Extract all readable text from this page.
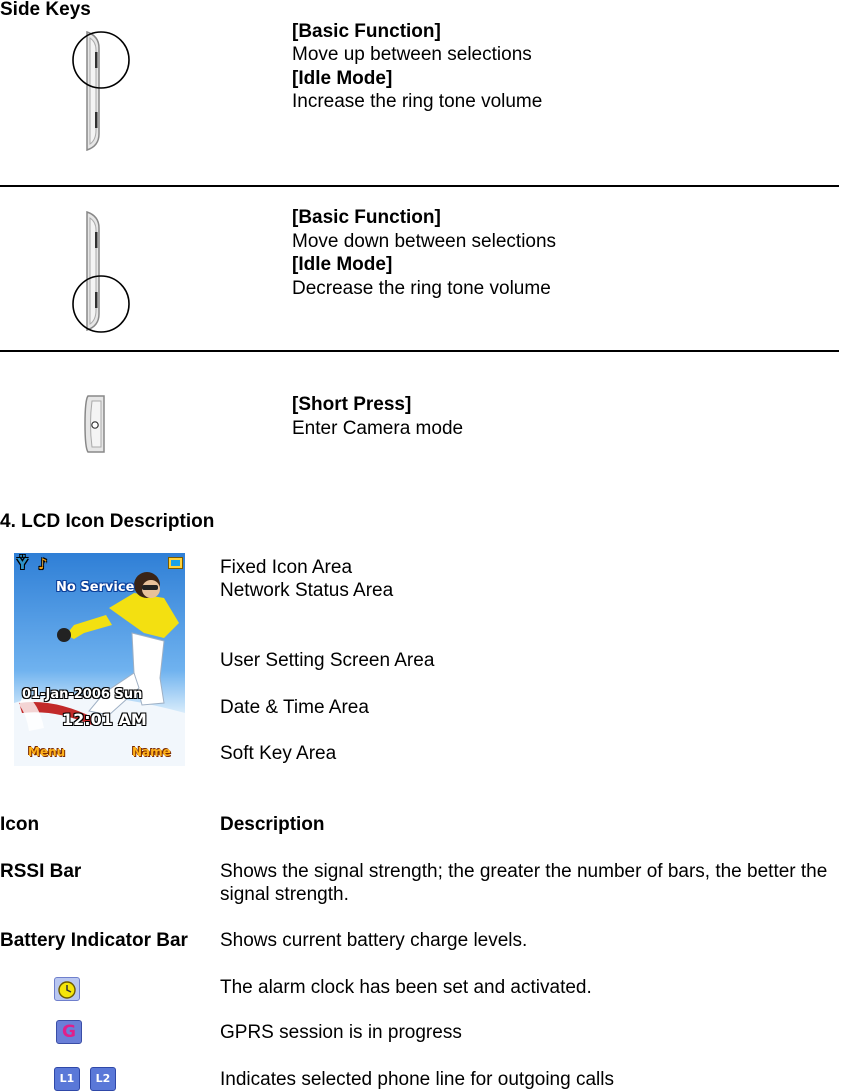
Side Keys
[Basic Function]
Move up between selections
[Idle Mode]
Increase the ring tone volume
[Basic Function]
Move down between selections
[Idle Mode]
Decrease the ring tone volume
[Short Press]
Enter Camera mode
4. LCD Icon Description
Ϋ ♪
No Service
01-Jan-2006 Sun
12:01 AM
Menu	Name
Fixed Icon Area
Network Status Area
User Setting Screen Area
Date & Time Area
Soft Key Area
Icon	Description
RSSI Bar	Shows the signal strength; the greater the number of bars, the better the
signal strength.
Battery Indicator Bar Shows current battery charge levels.
The alarm clock has been set and activated.
G	GPRS session is in progress
L1	L2	Indicates selected phone line for outgoing calls
